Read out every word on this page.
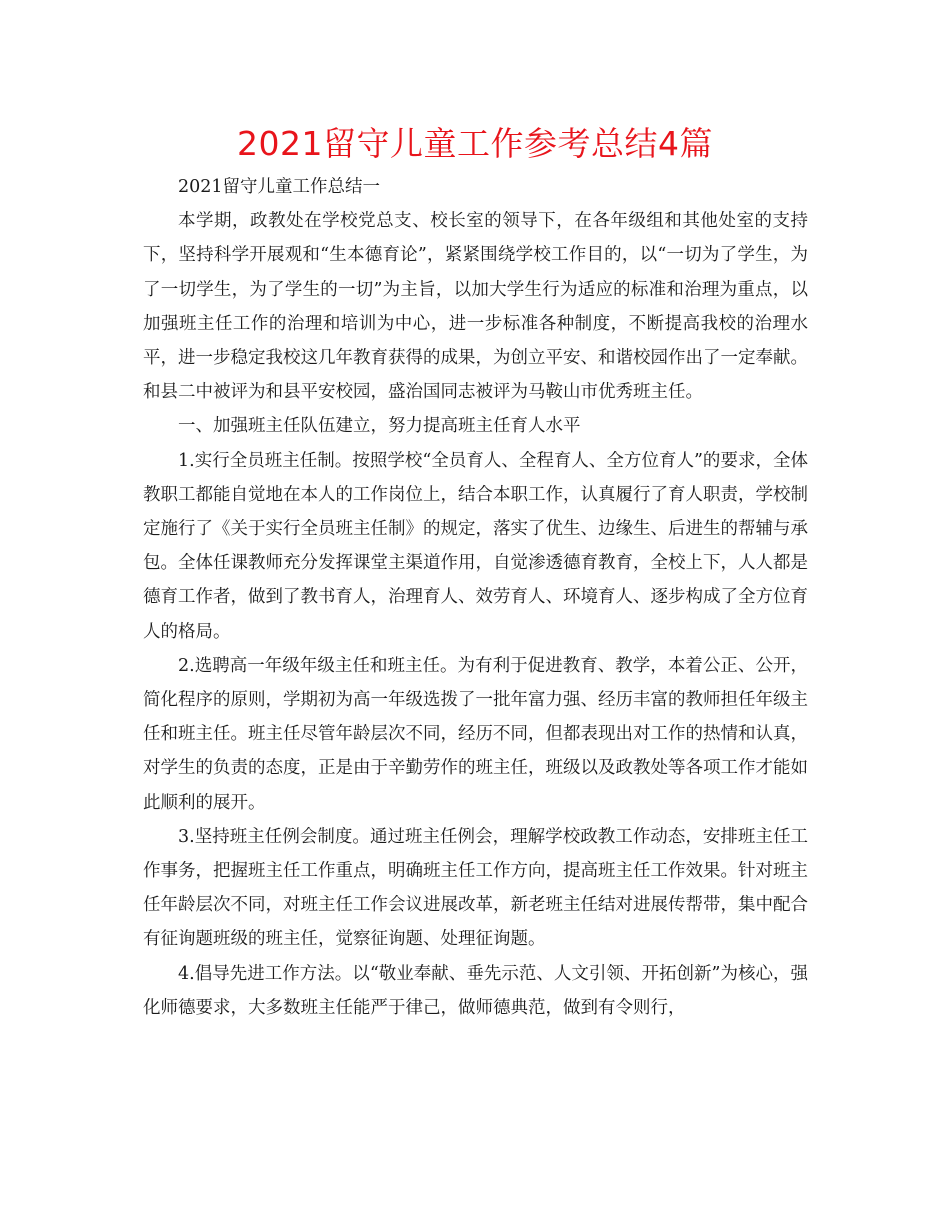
2021留守儿童工作参考总结4篇

2021留守儿童工作总结一

本学期，政教处在学校党总支、校长室的领导下，在各年级组和其他处室的支持下，坚持科学开展观和“生本德育论”，紧紧围绕学校工作目的，以“一切为了学生，为了一切学生，为了学生的一切”为主旨，以加大学生行为适应的标准和治理为重点，以加强班主任工作的治理和培训为中心，进一步标准各种制度，不断提高我校的治理水平，进一步稳定我校这几年教育获得的成果，为创立平安、和谐校园作出了一定奉献。和县二中被评为和县平安校园，盛治国同志被评为马鞍山市优秀班主任。

一、加强班主任队伍建立，努力提高班主任育人水平

1.实行全员班主任制。按照学校“全员育人、全程育人、全方位育人”的要求，全体教职工都能自觉地在本人的工作岗位上，结合本职工作，认真履行了育人职责，学校制定施行了《关于实行全员班主任制》的规定，落实了优生、边缘生、后进生的帮辅与承包。全体任课教师充分发挥课堂主渠道作用，自觉渗透德育教育，全校上下，人人都是德育工作者，做到了教书育人，治理育人、效劳育人、环境育人、逐步构成了全方位育人的格局。

2.选聘高一年级年级主任和班主任。为有利于促进教育、教学，本着公正、公开，简化程序的原则，学期初为高一年级选拨了一批年富力强、经历丰富的教师担任年级主任和班主任。班主任尽管年龄层次不同，经历不同，但都表现出对工作的热情和认真，对学生的负责的态度，正是由于辛勤劳作的班主任，班级以及政教处等各项工作才能如此顺利的展开。

3.坚持班主任例会制度。通过班主任例会，理解学校政教工作动态，安排班主任工作事务，把握班主任工作重点，明确班主任工作方向，提高班主任工作效果。针对班主任年龄层次不同，对班主任工作会议进展改革，新老班主任结对进展传帮带，集中配合有征询题班级的班主任，觉察征询题、处理征询题。

4.倡导先进工作方法。以“敬业奉献、垂先示范、人文引领、开拓创新”为核心，强化师德要求，大多数班主任能严于律己，做师德典范，做到有令则行，
